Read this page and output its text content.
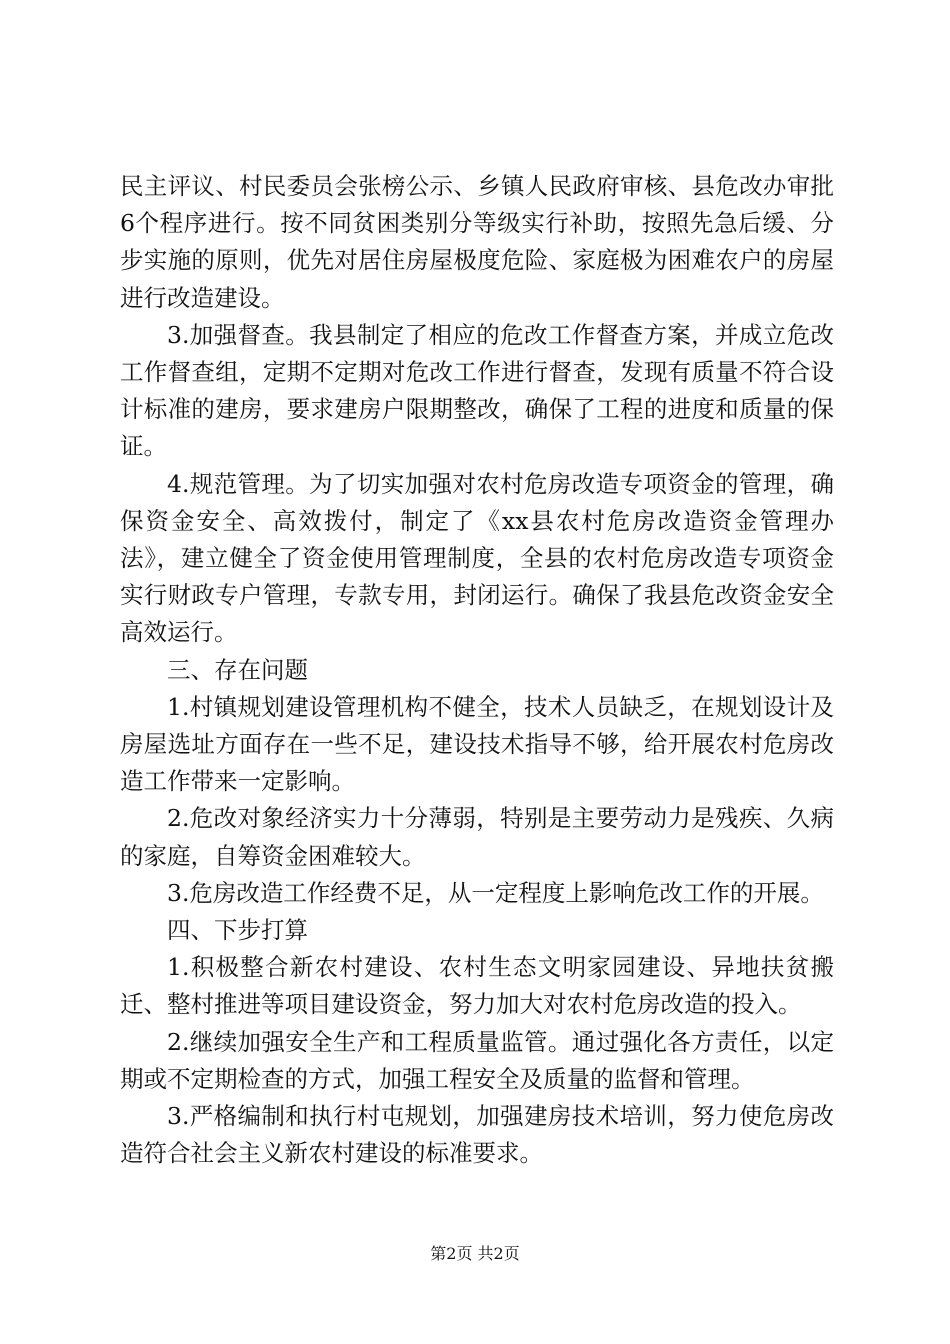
民主评议、村民委员会张榜公示、乡镇人民政府审核、县危改办审批6个程序进行。按不同贫困类别分等级实行补助，按照先急后缓、分步实施的原则，优先对居住房屋极度危险、家庭极为困难农户的房屋进行改造建设。

3.加强督查。我县制定了相应的危改工作督查方案，并成立危改工作督查组，定期不定期对危改工作进行督查，发现有质量不符合设计标准的建房，要求建房户限期整改，确保了工程的进度和质量的保证。

4.规范管理。为了切实加强对农村危房改造专项资金的管理，确保资金安全、高效拨付，制定了《xx县农村危房改造资金管理办法》，建立健全了资金使用管理制度，全县的农村危房改造专项资金实行财政专户管理，专款专用，封闭运行。确保了我县危改资金安全高效运行。

三、存在问题

1.村镇规划建设管理机构不健全，技术人员缺乏，在规划设计及房屋选址方面存在一些不足，建设技术指导不够，给开展农村危房改造工作带来一定影响。

2.危改对象经济实力十分薄弱，特别是主要劳动力是残疾、久病的家庭，自筹资金困难较大。

3.危房改造工作经费不足，从一定程度上影响危改工作的开展。

四、下步打算

1.积极整合新农村建设、农村生态文明家园建设、异地扶贫搬迁、整村推进等项目建设资金，努力加大对农村危房改造的投入。

2.继续加强安全生产和工程质量监管。通过强化各方责任，以定期或不定期检查的方式，加强工程安全及质量的监督和管理。

3.严格编制和执行村屯规划，加强建房技术培训，努力使危房改造符合社会主义新农村建设的标准要求。

第2页 共2页
